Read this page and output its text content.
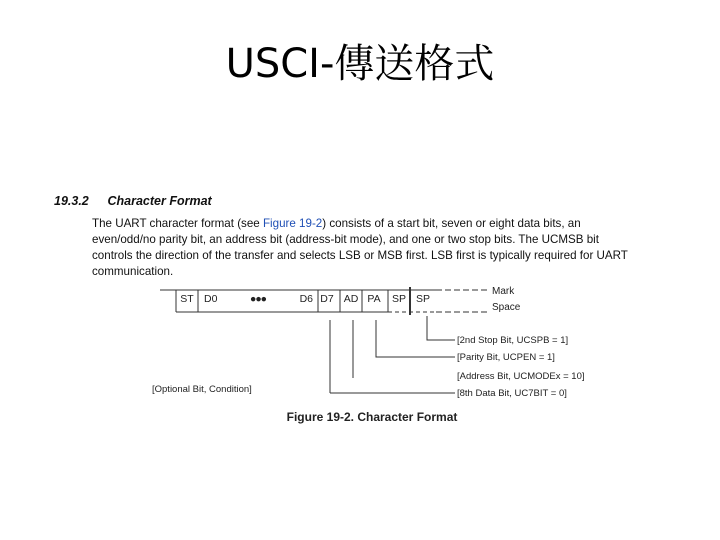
USCI-傳送格式
19.3.2 Character Format
The UART character format (see Figure 19-2) consists of a start bit, seven or eight data bits, an
even/odd/no parity bit, an address bit (address-bit mode), and one or two stop bits. The UCMSB bit
controls the direction of the transfer and selects LSB or MSB first. LSB first is typically required for UART
communication.
ST D0	●●●	D6 D7 AD PA SP SP
Mark
Space
[2nd Stop Bit, UCSPB = 1]
[Parity Bit, UCPEN = 1]
[Address Bit, UCMODEx = 10]
[8th Data Bit, UC7BIT = 0]
[Optional Bit, Condition]
Figure 19-2. Character Format
